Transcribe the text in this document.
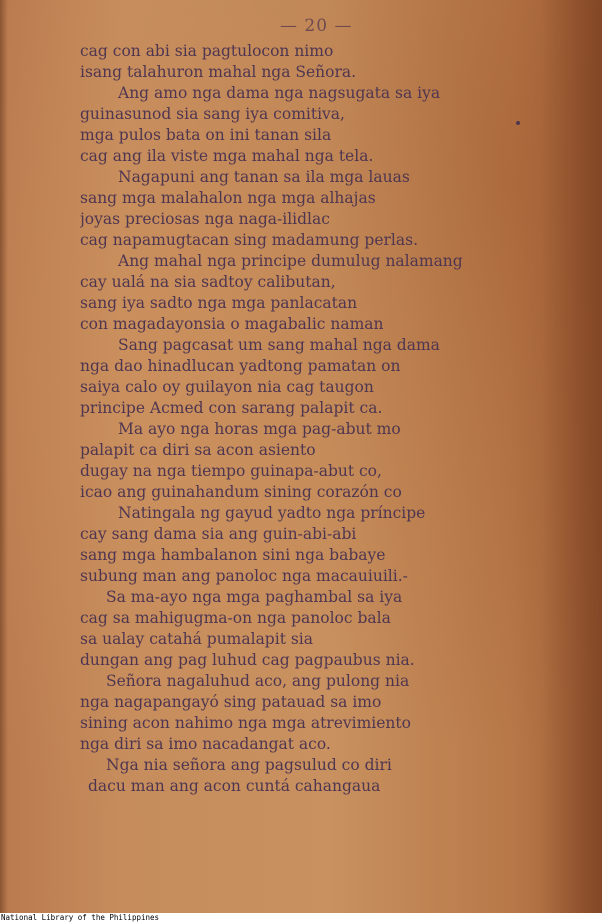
— 20 —
cag con abi sia pagtulocon nimo
isang talahuron mahal nga Señora.
Ang amo nga dama nga nagsugata sa iya
guinasunod sia sang iya comitiva,
mga pulos bata on ini tanan sila
cag ang ila viste mga mahal nga tela.
Nagapuni ang tanan sa ila mga lauas
sang mga malahalon nga mga alhajas
joyas preciosas nga naga-ilidlac
cag napamugtacan sing madamung perlas.
Ang mahal nga principe dumulug nalamang
cay ualá na sia sadtoy calibutan,
sang iya sadto nga mga panlacatan
con magadayonsia o magabalic naman
Sang pagcasat um sang mahal nga dama
nga dao hinadlucan yadtong pamatan on
saiya calo oy guilayon nia cag taugon
principe Acmed con sarang palapit ca.
Ma ayo nga horas mga pag-abut mo
palapit ca diri sa acon asiento
dugay na nga tiempo guinapa-abut co,
icao ang guinahandum sining corazón co
Natingala ng gayud yadto nga príncipe
cay sang dama sia ang guin-abi-abi
sang mga hambalanon sini nga babaye
subung man ang panoloc nga macauiuili.-
Sa ma-ayo nga mga paghambal sa iya
cag sa mahigugma-on nga panoloc bala
sa ualay catahá pumalapit sia
dungan ang pag luhud cag pagpaubus nia.
Señora nagaluhud aco, ang pulong nia
nga nagapangayó sing patauad sa imo
sining acon nahimo nga mga atrevimiento
nga diri sa imo nacadangat aco.
Nga nia señora ang pagsulud co diri
dacu man ang acon cuntá cahangaua
National Library of the Philippines
